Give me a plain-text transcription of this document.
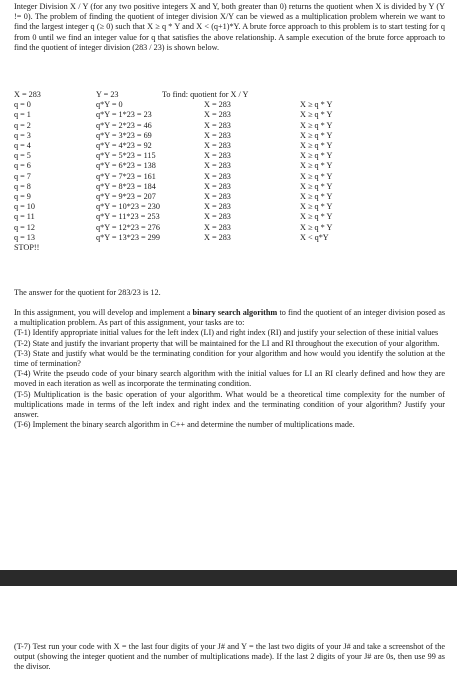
Integer Division X / Y (for any two positive integers X and Y, both greater than 0) returns the quotient when X is divided by Y (Y != 0). The problem of finding the quotient of integer division X/Y can be viewed as a multiplication problem wherein we want to find the largest integer q (≥ 0) such that X ≥ q * Y and X < (q+1)*Y. A brute force approach to this problem is to start testing for q from 0 until we find an integer value for q that satisfies the above relationship. A sample execution of the brute force approach to find the quotient of integer division (283 / 23) is shown below.
X = 283	Y = 23	To find: quotient for X / Y
q = 0	q*Y = 0	X = 283	X ≥ q * Y
q = 1	q*Y = 1*23 = 23	X = 283	X ≥ q * Y
q = 2	q*Y = 2*23 = 46	X = 283	X ≥ q * Y
q = 3	q*Y = 3*23 = 69	X = 283	X ≥ q * Y
q = 4	q*Y = 4*23 = 92	X = 283	X ≥ q * Y
q = 5	q*Y = 5*23 = 115	X = 283	X ≥ q * Y
q = 6	q*Y = 6*23 = 138	X = 283	X ≥ q * Y
q = 7	q*Y = 7*23 = 161	X = 283	X ≥ q * Y
q = 8	q*Y = 8*23 = 184	X = 283	X ≥ q * Y
q = 9	q*Y = 9*23 = 207	X = 283	X ≥ q * Y
q = 10	q*Y = 10*23 = 230	X = 283	X ≥ q * Y
q = 11	q*Y = 11*23 = 253	X = 283	X ≥ q * Y
q = 12	q*Y = 12*23 = 276	X = 283	X ≥ q * Y
q = 13	q*Y = 13*23 = 299	X = 283	X < q*Y
STOP!!
The answer for the quotient for 283/23 is 12.
In this assignment, you will develop and implement a binary search algorithm to find the quotient of an integer division posed as a multiplication problem. As part of this assignment, your tasks are to:
(T-1) Identify appropriate initial values for the left index (LI) and right index (RI) and justify your selection of these initial values
(T-2) State and justify the invariant property that will be maintained for the LI and RI throughout the execution of your algorithm.
(T-3) State and justify what would be the terminating condition for your algorithm and how would you identify the solution at the time of termination?
(T-4) Write the pseudo code of your binary search algorithm with the initial values for LI an RI clearly defined and how they are moved in each iteration as well as incorporate the terminating condition.
(T-5) Multiplication is the basic operation of your algorithm. What would be a theoretical time complexity for the number of multiplications made in terms of the left index and right index and the terminating condition of your algorithm? Justify your answer.
(T-6) Implement the binary search algorithm in C++ and determine the number of multiplications made.
(T-7) Test run your code with X = the last four digits of your J# and Y = the last two digits of your J# and take a screenshot of the output (showing the integer quotient and the number of multiplications made). If the last 2 digits of your J# are 0s, then use 99 as the divisor.
